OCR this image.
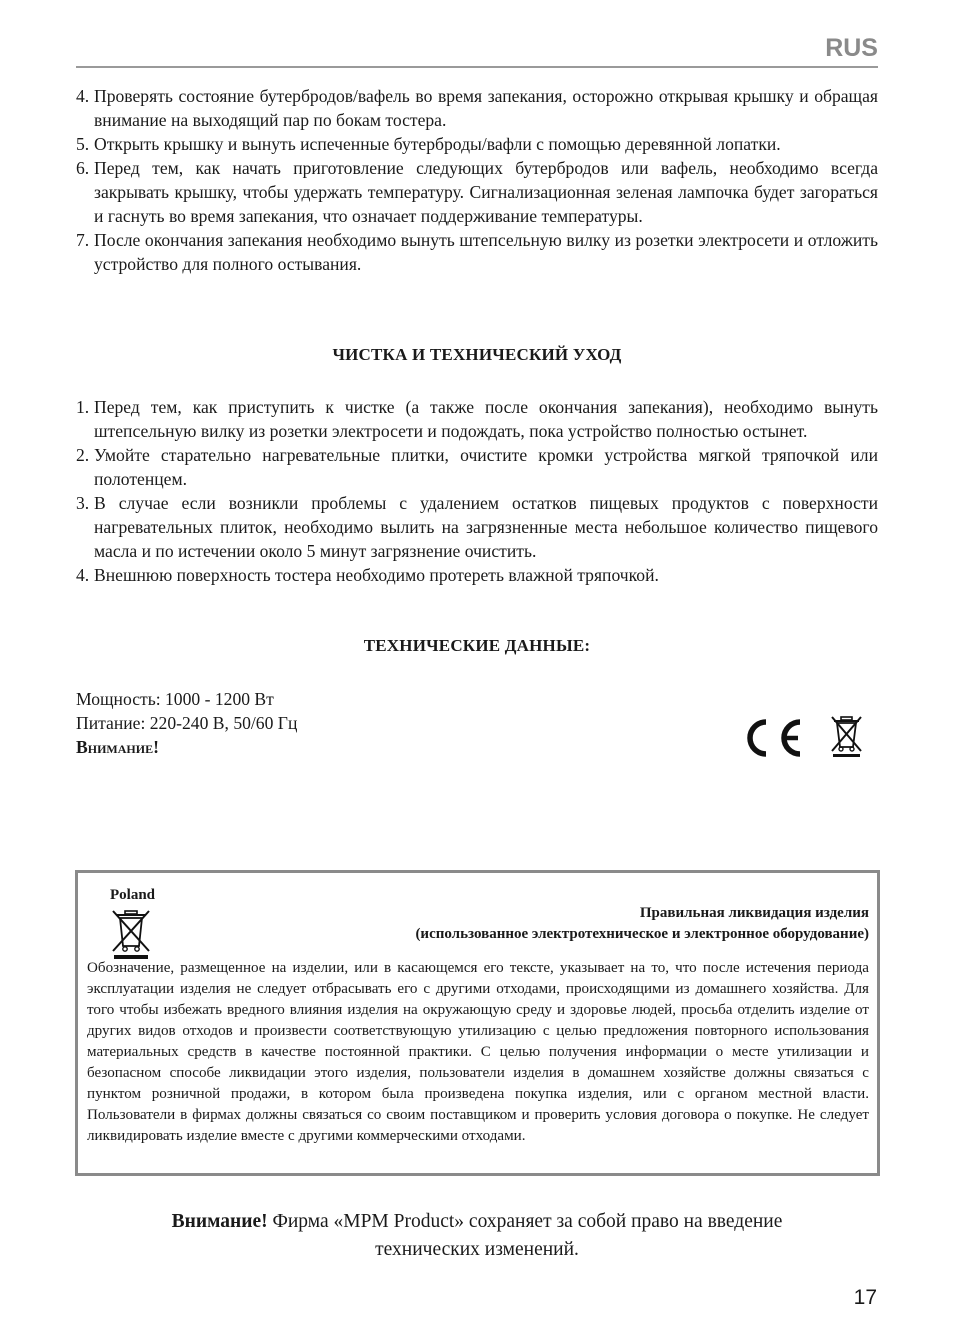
RUS
4. Проверять состояние бутербродов/вафель во время запекания, осторожно открывая крышку и обращая внимание на выходящий пар по бокам тостера.
5. Открыть крышку и вынуть испеченные бутерброды/вафли с помощью деревянной лопатки.
6. Перед тем, как начать приготовление следующих бутербродов или вафель, необходимо всегда закрывать крышку, чтобы удержать температуру. Сигнализационная зеленая лампочка будет загораться и гаснуть во время запекания, что означает поддерживание температуры.
7. После окончания запекания необходимо вынуть штепсельную вилку из розетки электросети и отложить устройство для полного остывания.
ЧИСТКА И ТЕХНИЧЕСКИЙ УХОД
1. Перед тем, как приступить к чистке (а также после окончания запекания), необходимо вынуть штепсельную вилку из розетки электросети и подождать, пока устройство полностью остынет.
2. Умойте старательно нагревательные плитки, очистите кромки устройства мягкой тряпочкой или полотенцем.
3. В случае если возникли проблемы с удалением остатков пищевых продуктов с поверхности нагревательных плиток, необходимо вылить на загрязненные места небольшое количество пищевого масла и по истечении около 5 минут загрязнение очистить.
4. Внешнюю поверхность тостера необходимо протереть влажной тряпочкой.
ТЕХНИЧЕСКИЕ ДАННЫЕ:
Мощность: 1000 - 1200 Вт
Питание: 220-240 В, 50/60 Гц
Внимание!
Poland
Правильная ликвидация изделия
(использованное электротехническое и электронное оборудование)
Обозначение, размещенное на изделии, или в касающемся его тексте, указывает на то, что после истечения периода эксплуатации изделия не следует отбрасывать его с другими отходами, происходящими из домашнего хозяйства. Для того чтобы избежать вредного влияния изделия на окружающую среду и здоровье людей, просьба отделить изделие от других видов отходов и произвести соответствующую утилизацию с целью предложения повторного использования материальных средств в качестве постоянной практики. С целью получения информации о месте утилизации и безопасном способе ликвидации этого изделия, пользователи изделия в домашнем хозяйстве должны связаться с пунктом розничной продажи, в котором была произведена покупка изделия, или с органом местной власти. Пользователи в фирмах должны связаться со своим поставщиком и проверить условия договора о покупке. Не следует ликвидировать изделие вместе с другими коммерческими отходами.
Внимание! Фирма «MPM Product» сохраняет за собой право на введение
технических изменений.
17
